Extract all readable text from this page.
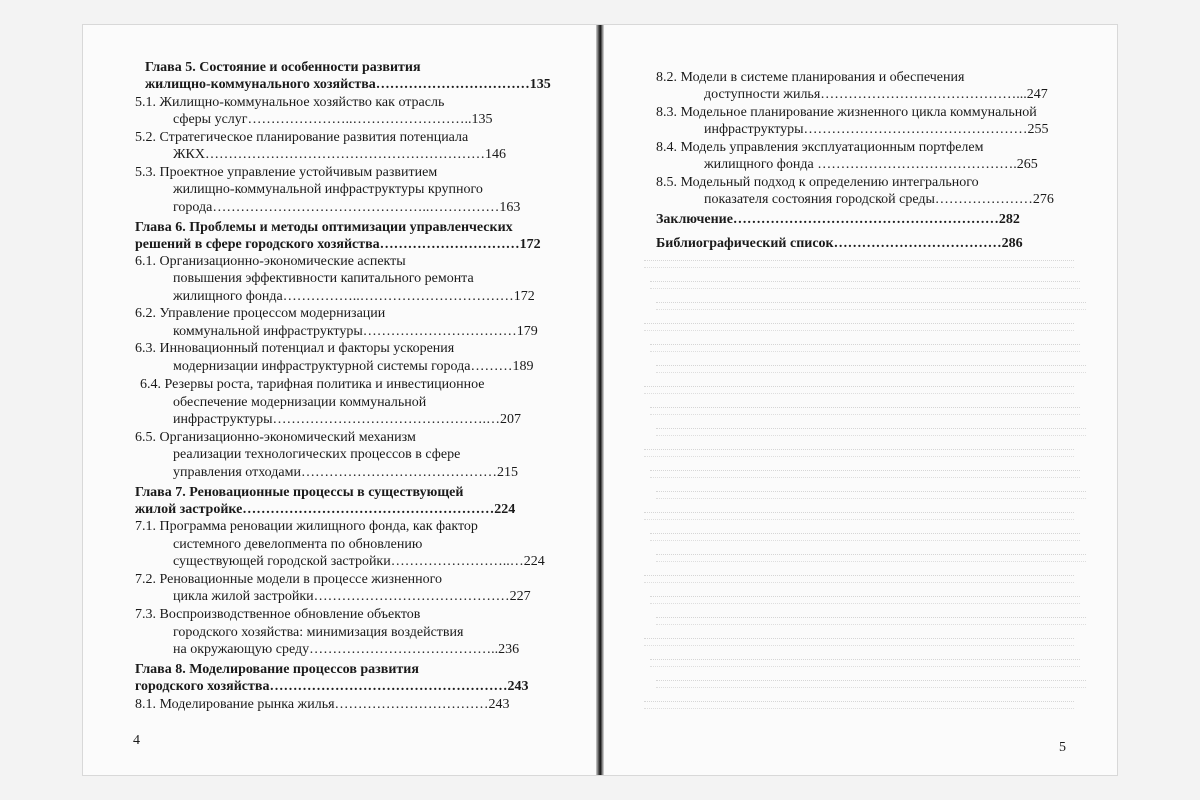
Глава 5. Состояние и особенности развития
жилищно-коммунального хозяйства……………………………135
5.1. Жилищно-коммунальное хозяйство как отрасль
сферы услуг…………………..……………………..135
5.2. Стратегическое планирование развития потенциала
ЖКХ……………………………………………………146
5.3. Проектное управление устойчивым развитием
жилищно-коммунальной инфраструктуры крупного
города………………………………………..……………163
Глава 6. Проблемы и методы оптимизации управленческих
решений в сфере городского хозяйства…………………………172
6.1. Организационно-экономические аспекты
повышения эффективности капитального ремонта
жилищного фонда……………..……………………………172
6.2. Управление процессом модернизации
коммунальной инфраструктуры……………………………179
6.3. Инновационный потенциал и факторы ускорения
модернизации инфраструктурной системы города………189
6.4. Резервы роста, тарифная политика и инвестиционное
обеспечение модернизации коммунальной
инфраструктуры……………………………………….…207
6.5. Организационно-экономический механизм
реализации технологических процессов в сфере
управления отходами……………………………………215
Глава 7. Реновационные процессы в существующей
жилой застройке………………………………………………224
7.1. Программа реновации жилищного фонда, как фактор
системного девелопмента по обновлению
существующей городской застройки……………………..…224
7.2. Реновационные модели в процессе жизненного
цикла жилой застройки……………………………………227
7.3. Воспроизводственное обновление объектов
городского хозяйства: минимизация воздействия
на окружающую среду…………………………………..236
Глава 8. Моделирование процессов развития
городского хозяйства……………………………………………243
8.1. Моделирование рынка жилья……………………………243
4
8.2. Модели в системе планирования и обеспечения
доступности жилья……………………………………...247
8.3. Модельное планирование жизненного цикла коммунальной
инфраструктуры…………………………………………255
8.4. Модель управления эксплуатационным портфелем
жилищного фонда …………………………………….265
8.5. Модельный подход к определению интегрального
показателя состояния городской среды…………………276
Заключение…………………………………………………282
Библиографический список………………………………286
5
